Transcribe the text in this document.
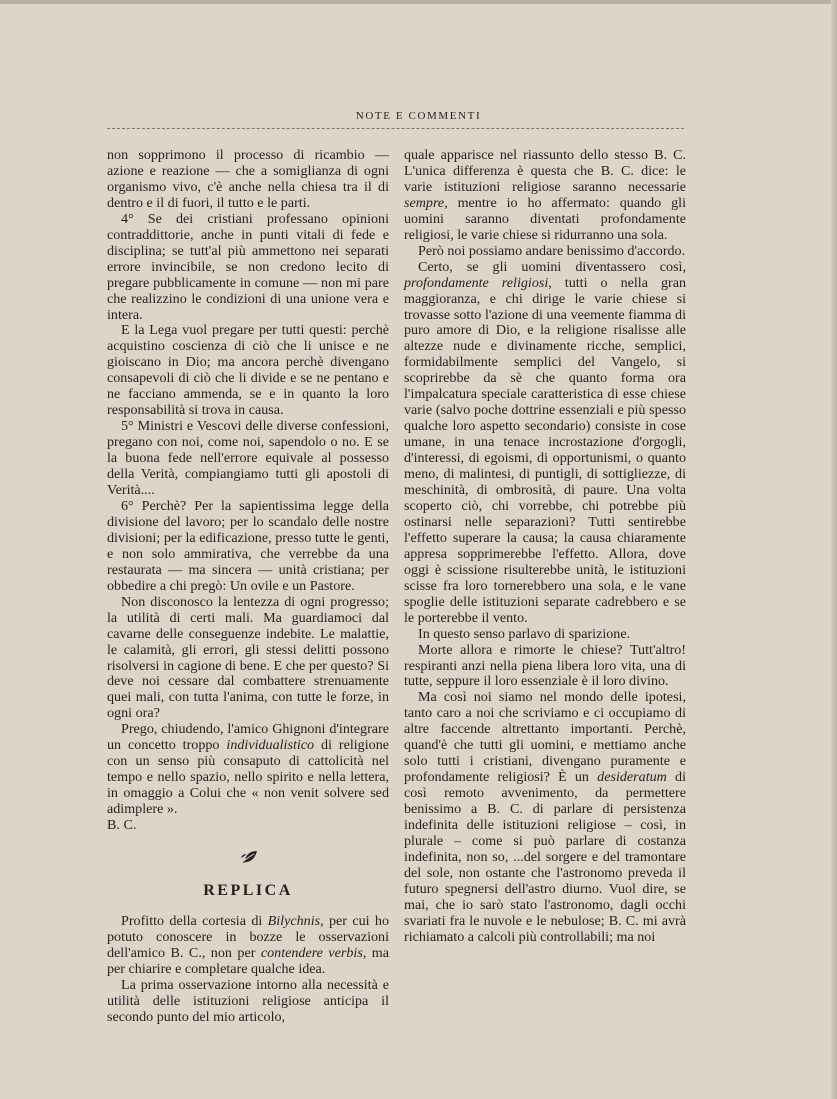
NOTE E COMMENTI

non sopprimono il processo di ricambio — azione e reazione — che a somiglianza di ogni organismo vivo, c'è anche nella chiesa tra il di dentro e il di fuori, il tutto e le parti.

4° Se dei cristiani professano opinioni contraddittorie, anche in punti vitali di fede e disciplina; se tutt'al più ammettono nei separati errore invincibile, se non credono lecito di pregare pubblicamente in comune — non mi pare che realizzino le condizioni di una unione vera e intera.

E la Lega vuol pregare per tutti questi: perchè acquistino coscienza di ciò che li unisce e ne gioiscano in Dio; ma ancora perchè divengano consapevoli di ciò che li divide e se ne pentano e ne facciano ammenda, se e in quanto la loro responsabilità si trova in causa.

5° Ministri e Vescovi delle diverse confessioni, pregano con noi, come noi, sapendolo o no. E se la buona fede nell'errore equivale al possesso della Verità, compiangiamo tutti gli apostoli di Verità....

6° Perchè? Per la sapientissima legge della divisione del lavoro; per lo scandalo delle nostre divisioni; per la edificazione, presso tutte le genti, e non solo ammirativa, che verrebbe da una restaurata — ma sincera — unità cristiana; per obbedire a chi pregò: Un ovile e un Pastore.

Non disconosco la lentezza di ogni progresso; la utilità di certi mali. Ma guardiamoci dal cavarne delle conseguenze indebite. Le malattie, le calamità, gli errori, gli stessi delitti possono risolversi in cagione di bene. E che per questo? Si deve noi cessare dal combattere strenuamente quei mali, con tutta l'anima, con tutte le forze, in ogni ora?

Prego, chiudendo, l'amico Ghignoni d'integrare un concetto troppo individualistico di religione con un senso più consaputo di cattolicità nel tempo e nello spazio, nello spirito e nella lettera, in omaggio a Colui che « non venit solvere sed adimplere ».

B. C.

REPLICA

Profitto della cortesia di Bilychnis, per cui ho potuto conoscere in bozze le osservazioni dell'amico B. C., non per contendere verbis, ma per chiarire e completare qualche idea.

La prima osservazione intorno alla necessità e utilità delle istituzioni religiose anticipa il secondo punto del mio articolo,

quale apparisce nel riassunto dello stesso B. C. L'unica differenza è questa che B. C. dice: le varie istituzioni religiose saranno necessarie sempre, mentre io ho affermato: quando gli uomini saranno diventati profondamente religiosi, le varie chiese si ridurranno una sola.

Però noi possiamo andare benissimo d'accordo.

Certo, se gli uomini diventassero così, profondamente religiosi, tutti o nella gran maggioranza, e chi dirige le varie chiese si trovasse sotto l'azione di una veemente fiamma di puro amore di Dio, e la religione risalisse alle altezze nude e divinamente ricche, semplici, formidabilmente semplici del Vangelo, si scoprirebbe da sè che quanto forma ora l'impalcatura speciale caratteristica di esse chiese varie (salvo poche dottrine essenziali e più spesso qualche loro aspetto secondario) consiste in cose umane, in una tenace incrostazione d'orgogli, d'interessi, di egoismi, di opportunismi, o quanto meno, di malintesi, di puntigli, di sottigliezze, di meschinità, di ombrosità, di paure. Una volta scoperto ciò, chi vorrebbe, chi potrebbe più ostinarsi nelle separazioni? Tutti sentirebbe l'effetto superare la causa; la causa chiaramente appresa sopprimerebbe l'effetto. Allora, dove oggi è scissione risulterebbe unità, le istituzioni scisse fra loro tornerebbero una sola, e le vane spoglie delle istituzioni separate cadrebbero e se le porterebbe il vento.

In questo senso parlavo di sparizione.

Morte allora e rimorte le chiese? Tutt'altro! respiranti anzi nella piena libera loro vita, una di tutte, seppure il loro essenziale è il loro divino.

Ma così noi siamo nel mondo delle ipotesi, tanto caro a noi che scriviamo e ci occupiamo di altre faccende altrettanto importanti. Perchè, quand'è che tutti gli uomini, e mettiamo anche solo tutti i cristiani, divengano puramente e profondamente religiosi? È un desideratum di così remoto avvenimento, da permettere benissimo a B. C. di parlare di persistenza indefinita delle istituzioni religiose – così, in plurale – come si può parlare di costanza indefinita, non so, ...del sorgere e del tramontare del sole, non ostante che l'astronomo preveda il futuro spegnersi dell'astro diurno. Vuol dire, se mai, che io sarò stato l'astronomo, dagli occhi svariati fra le nuvole e le nebulose; B. C. mi avrà richiamato a calcoli più controllabili; ma noi
